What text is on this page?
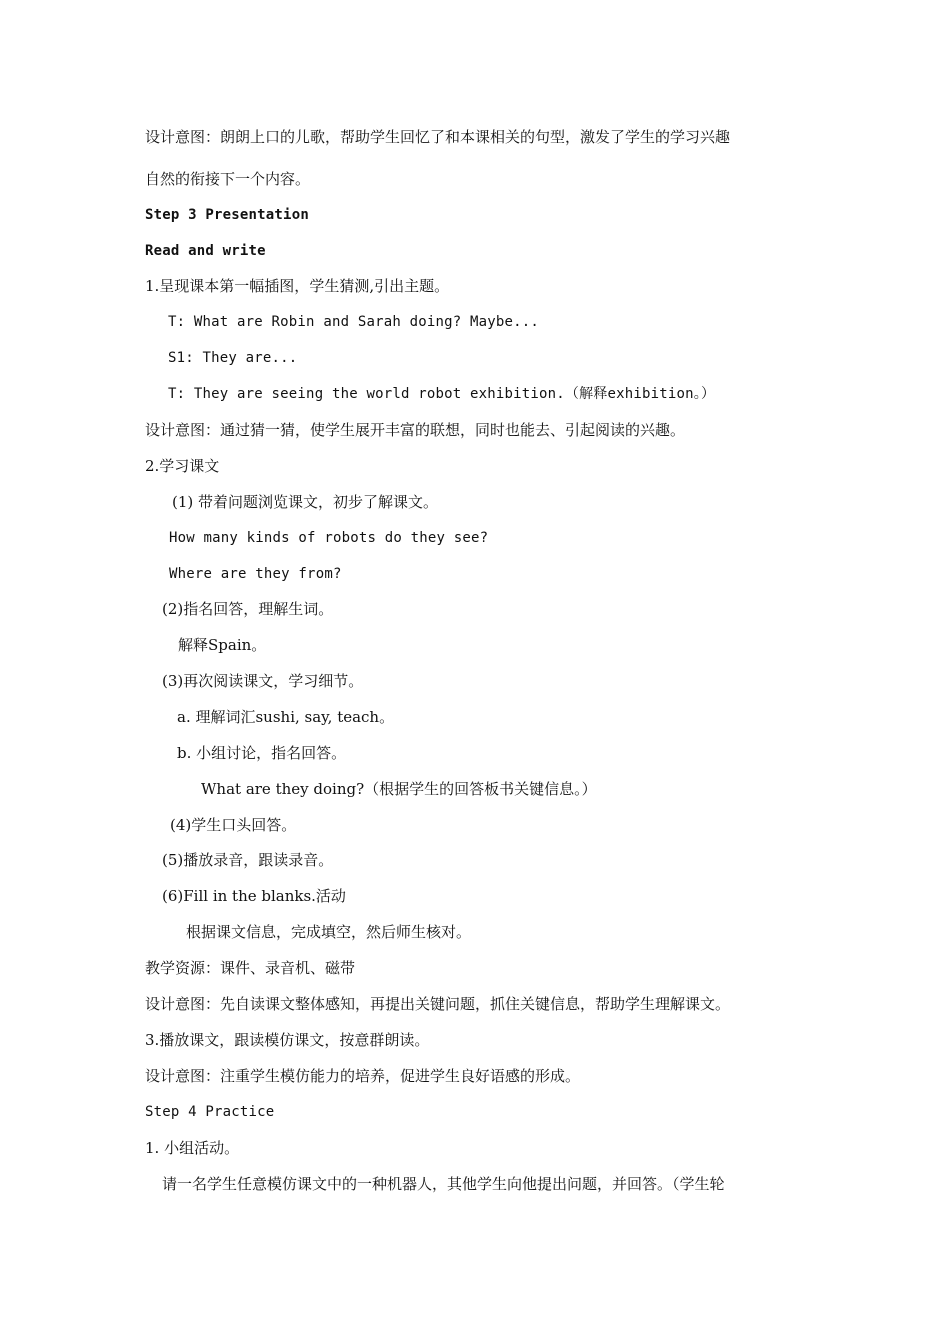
设计意图：朗朗上口的儿歌，帮助学生回忆了和本课相关的句型，激发了学生的学习兴趣
自然的衔接下一个内容。
Step 3 Presentation
Read and write
1.呈现课本第一幅插图，学生猜测,引出主题。
T: What are Robin and Sarah doing? Maybe...
S1: They are...
T: They are seeing the world robot exhibition.（解释exhibition。）
设计意图：通过猜一猜，使学生展开丰富的联想，同时也能去、引起阅读的兴趣。
2.学习课文
(1) 带着问题浏览课文，初步了解课文。
How many kinds of robots do they see?
Where are they from?
(2)指名回答，理解生词。
解释Spain。
(3)再次阅读课文，学习细节。
a. 理解词汇sushi, say, teach。
b. 小组讨论，指名回答。
What are they doing?（根据学生的回答板书关键信息。）
(4)学生口头回答。
(5)播放录音，跟读录音。
(6)Fill in the blanks.活动
根据课文信息，完成填空，然后师生核对。
教学资源：课件、录音机、磁带
设计意图：先自读课文整体感知，再提出关键问题，抓住关键信息，帮助学生理解课文。
3.播放课文，跟读模仿课文，按意群朗读。
设计意图：注重学生模仿能力的培养，促进学生良好语感的形成。
Step 4 Practice
1. 小组活动。
请一名学生任意模仿课文中的一种机器人，其他学生向他提出问题，并回答。（学生轮
